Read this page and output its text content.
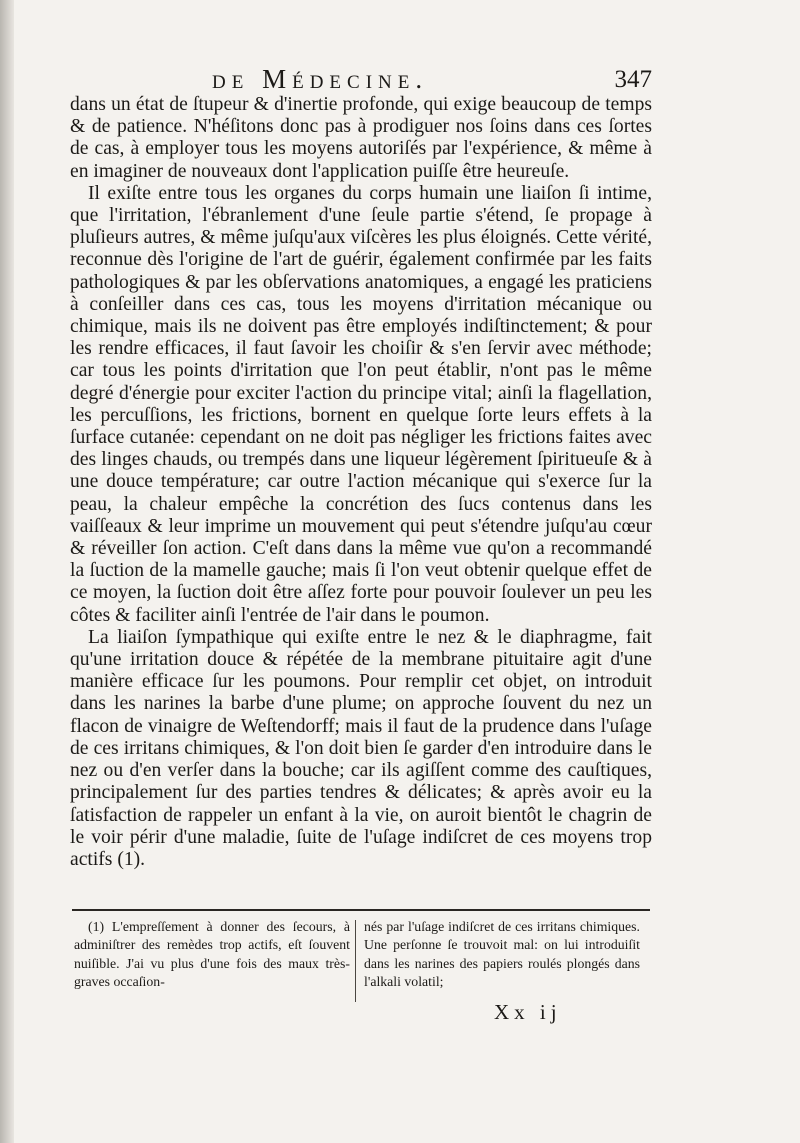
de Médecine.	347

dans un état de ſtupeur & d'inertie profonde, qui exige beaucoup de temps & de patience. N'héſitons donc pas à prodiguer nos ſoins dans ces ſortes de cas, à employer tous les moyens autoriſés par l'expérience, & même à en imaginer de nouveaux dont l'application puiſſe être heureuſe.

Il exiſte entre tous les organes du corps humain une liaiſon ſi intime, que l'irritation, l'ébranlement d'une ſeule partie s'étend, ſe propage à pluſieurs autres, & même juſqu'aux viſcères les plus éloignés. Cette vérité, reconnue dès l'origine de l'art de guérir, également confirmée par les faits pathologiques & par les obſervations anatomiques, a engagé les praticiens à conſeiller dans ces cas, tous les moyens d'irritation mécanique ou chimique, mais ils ne doivent pas être employés indiſtinctement; & pour les rendre efficaces, il faut ſavoir les choiſir & s'en ſervir avec méthode; car tous les points d'irritation que l'on peut établir, n'ont pas le même degré d'énergie pour exciter l'action du principe vital; ainſi la flagellation, les percuſſions, les frictions, bornent en quelque ſorte leurs effets à la ſurface cutanée: cependant on ne doit pas négliger les frictions faites avec des linges chauds, ou trempés dans une liqueur légèrement ſpiritueuſe & à une douce température; car outre l'action mécanique qui s'exerce ſur la peau, la chaleur empêche la concrétion des ſucs contenus dans les vaiſſeaux & leur imprime un mouvement qui peut s'étendre juſqu'au cœur & réveiller ſon action. C'eſt dans dans la même vue qu'on a recommandé la ſuction de la mamelle gauche; mais ſi l'on veut obtenir quelque effet de ce moyen, la ſuction doit être aſſez forte pour pouvoir ſoulever un peu les côtes & faciliter ainſi l'entrée de l'air dans le poumon.

La liaiſon ſympathique qui exiſte entre le nez & le diaphragme, fait qu'une irritation douce & répétée de la membrane pituitaire agit d'une manière efficace ſur les poumons. Pour remplir cet objet, on introduit dans les narines la barbe d'une plume; on approche ſouvent du nez un flacon de vinaigre de Weſtendorff; mais il faut de la prudence dans l'uſage de ces irritans chimiques, & l'on doit bien ſe garder d'en introduire dans le nez ou d'en verſer dans la bouche; car ils agiſſent comme des cauſtiques, principalement ſur des parties tendres & délicates; & après avoir eu la ſatisfaction de rappeler un enfant à la vie, on auroit bientôt le chagrin de le voir périr d'une maladie, ſuite de l'uſage indiſcret de ces moyens trop actifs (1).

(1) L'empreſſement à donner des ſecours, à adminiſtrer des remèdes trop actifs, eſt ſouvent nuiſible. J'ai vu plus d'une fois des maux très-graves occaſion-
nés par l'uſage indiſcret de ces irritans chimiques. Une perſonne ſe trouvoit mal: on lui introduiſit dans les narines des papiers roulés plongés dans l'alkali volatil;
Xx ij
